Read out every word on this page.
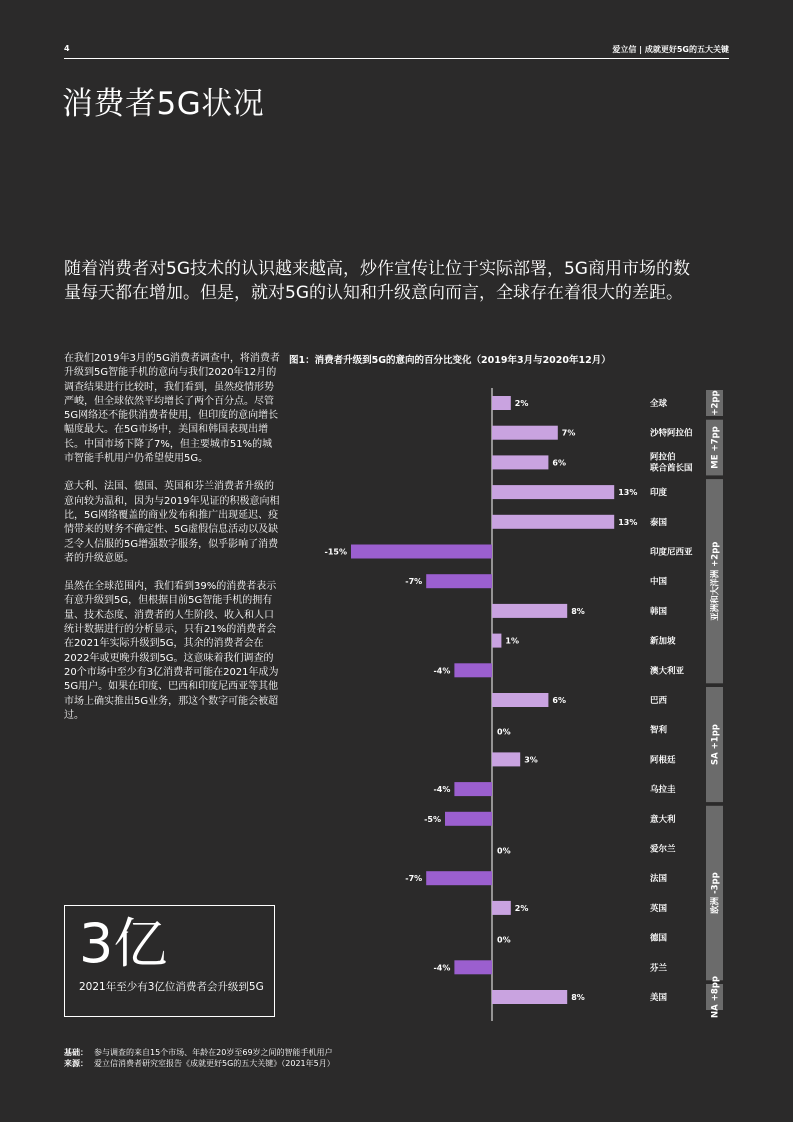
4	爱立信 | 成就更好5G的五大关键
消费者5G状况
随着消费者对5G技术的认识越来越高，炒作宣传让位于实际部署，5G商用市场的数量每天都在增加。但是，就对5G的认知和升级意向而言，全球存在着很大的差距。

在我们2019年3月的5G消费者调查中，将消费者升级到5G智能手机的意向与我们2020年12月的调查结果进行比较时，我们看到，虽然疫情形势严峻，但全球依然平均增长了两个百分点。尽管5G网络还不能供消费者使用，但印度的意向增长幅度最大。在5G市场中，美国和韩国表现出增长。中国市场下降了7%，但主要城市51%的城市智能手机用户仍希望使用5G。

意大利、法国、德国、英国和芬兰消费者升级的意向较为温和，因为与2019年见证的积极意向相比，5G网络覆盖的商业发布和推广出现延迟、疫情带来的财务不确定性、5G虚假信息活动以及缺乏令人信服的5G增强数字服务，似乎影响了消费者的升级意愿。

虽然在全球范围内，我们看到39%的消费者表示有意升级到5G，但根据目前5G智能手机的拥有量、技术态度、消费者的人生阶段、收入和人口统计数据进行的分析显示，只有21%的消费者会在2021年实际升级到5G，其余的消费者会在2022年或更晚升级到5G。这意味着我们调查的20个市场中至少有3亿消费者可能在2021年成为5G用户。如果在印度、巴西和印度尼西亚等其他市场上确实推出5G业务，那这个数字可能会被超过。

3亿
2021年至少有3亿位消费者会升级到5G
图1：消费者升级到5G的意向的百分比变化（2019年3月与2020年12月）
2%	全球
7%	沙特阿拉伯
6%
阿拉伯联合酋长国
13% 印度
13% 泰国
-15%	印度尼西亚
-7%	中国
8%	韩国
1%	新加坡
-4%	澳大利亚
6%	巴西
0%	智利
3%	阿根廷
-4%	乌拉圭
-5%	意大利
0%	爱尔兰
-7%	法国
2%	英国
0%	德国
-4%	芬兰
8%	美国
+2pp
ME +7pp
亚洲和大洋洲 +2pp
SA +1pp
欧洲 -3pp
NA +8pp
基础： 参与调查的来自15个市场、年龄在20岁至69岁之间的智能手机用户
来源： 爱立信消费者研究室报告《成就更好5G的五大关键》（2021年5月）
